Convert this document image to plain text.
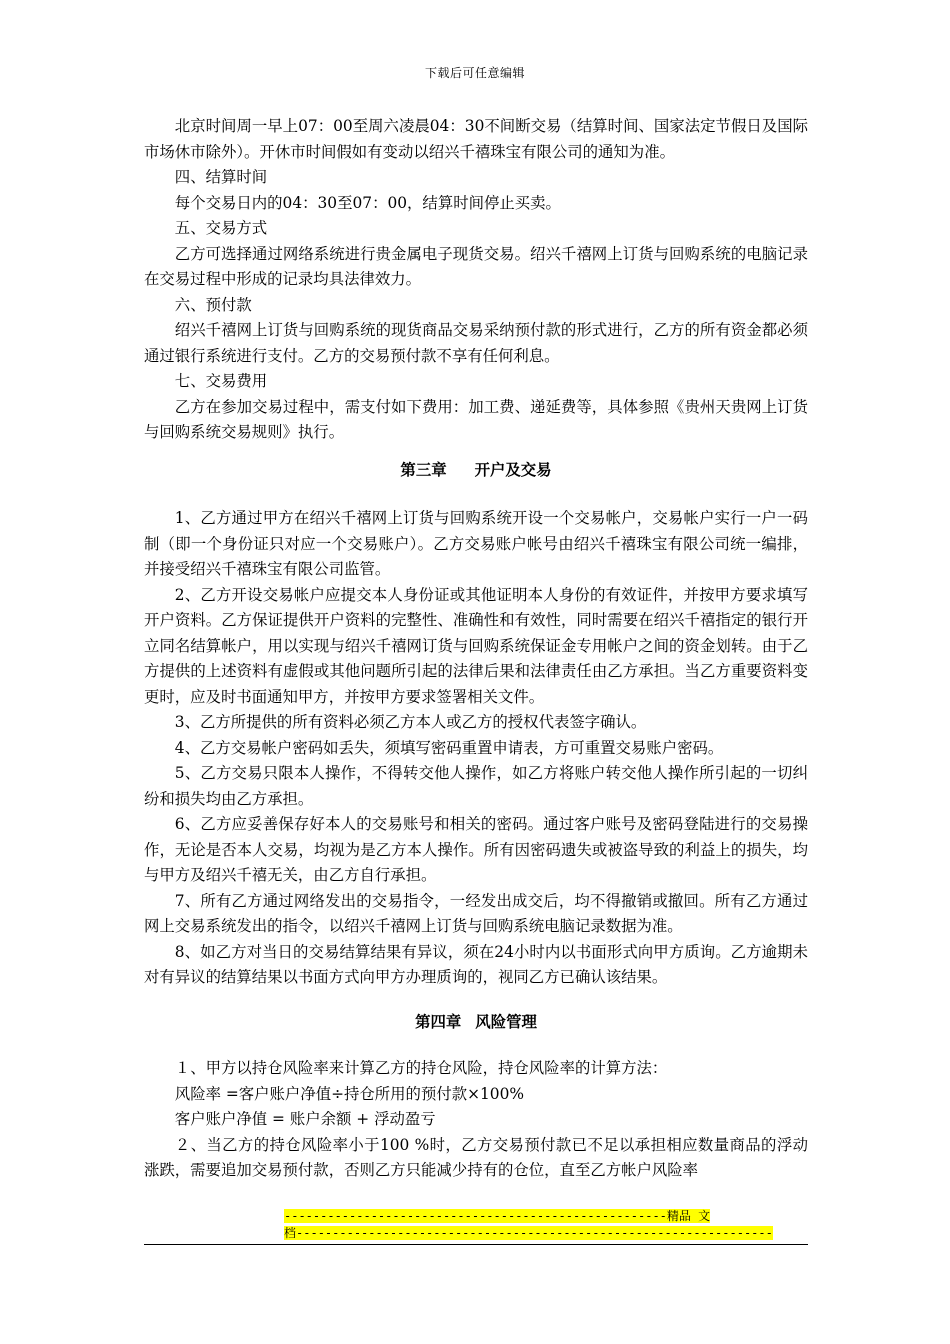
下载后可任意编辑

北京时间周一早上07：00至周六凌晨04：30不间断交易（结算时间、国家法定节假日及国际市场休市除外）。开休市时间假如有变动以绍兴千禧珠宝有限公司的通知为准。

四、结算时间

每个交易日内的04：30至07：00，结算时间停止买卖。

五、交易方式

乙方可选择通过网络系统进行贵金属电子现货交易。绍兴千禧网上订货与回购系统的电脑记录在交易过程中形成的记录均具法律效力。

六、预付款

绍兴千禧网上订货与回购系统的现货商品交易采纳预付款的形式进行，乙方的所有资金都必须通过银行系统进行支付。乙方的交易预付款不享有任何利息。

七、交易费用

乙方在参加交易过程中，需支付如下费用：加工费、递延费等，具体参照《贵州天贵网上订货与回购系统交易规则》执行。

第三章 开户及交易

1、乙方通过甲方在绍兴千禧网上订货与回购系统开设一个交易帐户，交易帐户实行一户一码制（即一个身份证只对应一个交易账户）。乙方交易账户帐号由绍兴千禧珠宝有限公司统一编排，并接受绍兴千禧珠宝有限公司监管。

2、乙方开设交易帐户应提交本人身份证或其他证明本人身份的有效证件，并按甲方要求填写开户资料。乙方保证提供开户资料的完整性、准确性和有效性，同时需要在绍兴千禧指定的银行开立同名结算帐户，用以实现与绍兴千禧网订货与回购系统保证金专用帐户之间的资金划转。由于乙方提供的上述资料有虚假或其他问题所引起的法律后果和法律责任由乙方承担。当乙方重要资料变更时，应及时书面通知甲方，并按甲方要求签署相关文件。

3、乙方所提供的所有资料必须乙方本人或乙方的授权代表签字确认。

4、乙方交易帐户密码如丢失，须填写密码重置申请表，方可重置交易账户密码。

5、乙方交易只限本人操作，不得转交他人操作，如乙方将账户转交他人操作所引起的一切纠纷和损失均由乙方承担。

6、乙方应妥善保存好本人的交易账号和相关的密码。通过客户账号及密码登陆进行的交易操作，无论是否本人交易，均视为是乙方本人操作。所有因密码遗失或被盗导致的利益上的损失，均与甲方及绍兴千禧无关，由乙方自行承担。

7、所有乙方通过网络发出的交易指令，一经发出成交后，均不得撤销或撤回。所有乙方通过网上交易系统发出的指令，以绍兴千禧网上订货与回购系统电脑记录数据为准。

8、如乙方对当日的交易结算结果有异议，须在24小时内以书面形式向甲方质询。乙方逾期未对有异议的结算结果以书面方式向甲方办理质询的，视同乙方已确认该结果。

第四章 风险管理

１、甲方以持仓风险率来计算乙方的持仓风险，持仓风险率的计算方法：

风险率 =客户账户净值÷持仓所用的预付款×100%

客户账户净值 = 账户余额 + 浮动盈亏

２、当乙方的持仓风险率小于100 %时，乙方交易预付款已不足以承担相应数量商品的浮动涨跌，需要追加交易预付款，否则乙方只能减少持有的仓位，直至乙方帐户风险率

-----------------------------------------------------精品 文
档------------------------------------------------------------------
